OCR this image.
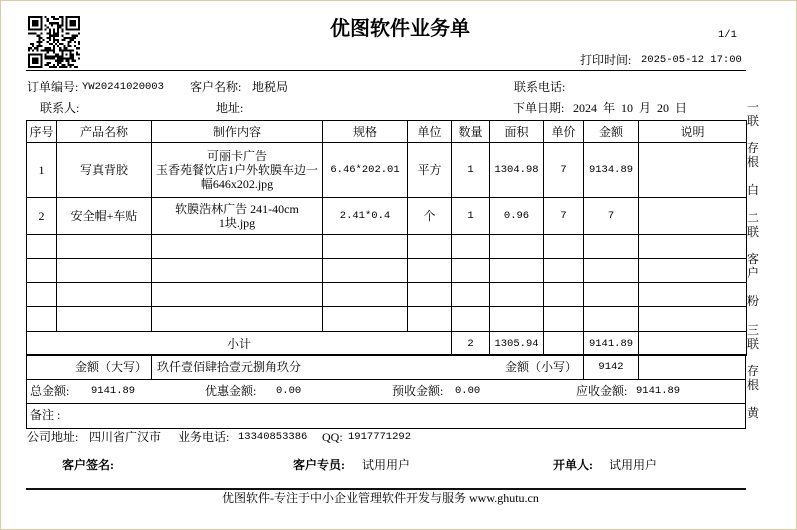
优图软件业务单	1/1
打印时间: 2025-05-12 17:00
订单编号: YW20241020003 客户名称: 地税局	联系电话:
联系人:	地址:	下单日期: 2024 年 10 月 20 日	一联
存根
白
二联
客户
粉
三联
存根
黄
序号	产品名称	制作内容	规格	单位	数量	面积	单价	金额	说明
1	写真背胶	可丽卡广告
玉香苑餐饮店1户外软膜车边一
幅646x202.jpg	6.46*202.01	平方	1	1304.98	7	9134.89	
2	安全帽+车贴	软膜浩林广告 241-40cm
1块.jpg	2.41*0.4	个	1	0.96	7	7	

小计					2	1305.94		9141.89	
金额（大写） 玖仟壹佰肆拾壹元捌角玖分	金额（小写）	9142
总金额: 9141.89	优惠金额: 0.00	预收金额: 0.00	应收金额: 9141.89
备注 :
公司地址: 四川省广汉市 业务电话: 13340853386 QQ: 1917771292
客户签名:	客户专员: 试用用户	开单人: 试用用户
优图软件-专注于中小企业管理软件开发与服务 www.ghutu.cn
